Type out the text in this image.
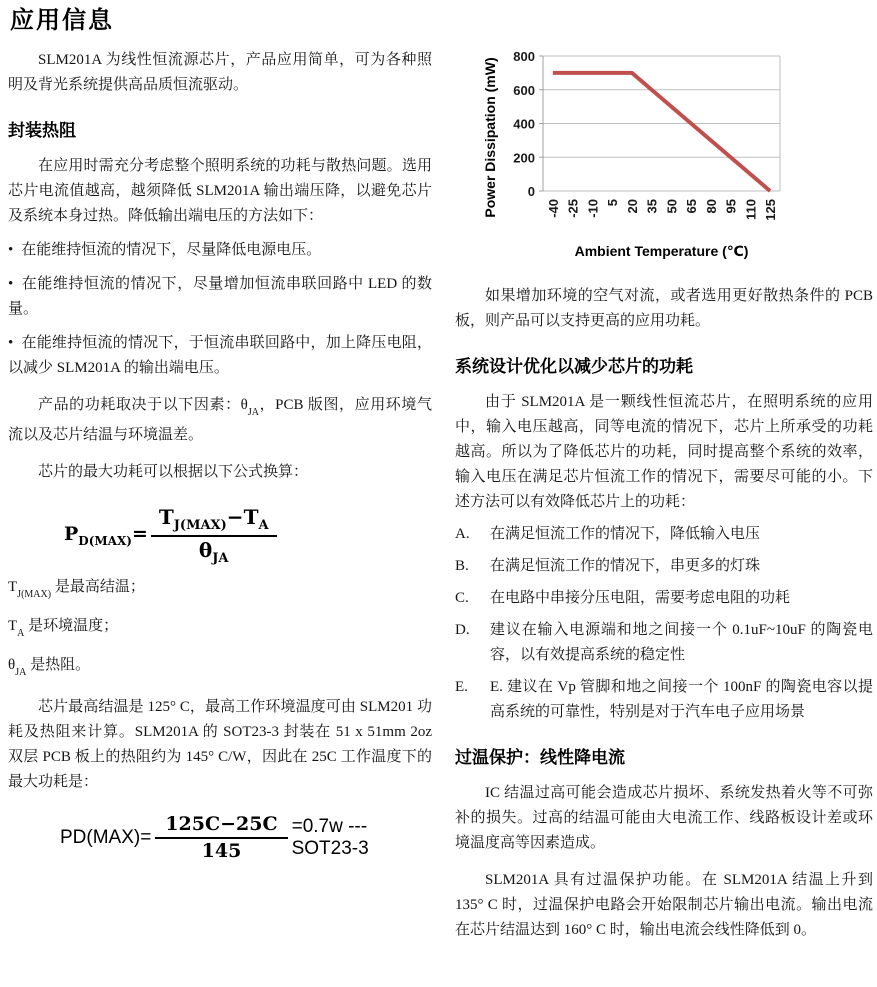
应用信息

SLM201A 为线性恒流源芯片，产品应用简单，可为各种照明及背光系统提供高品质恒流驱动。

封装热阻

在应用时需充分考虑整个照明系统的功耗与散热问题。选用芯片电流值越高，越须降低 SLM201A 输出端压降，以避免芯片及系统本身过热。降低输出端电压的方法如下：

• 在能维持恒流的情况下，尽量降低电源电压。

• 在能维持恒流的情况下，尽量增加恒流串联回路中 LED 的数量。

• 在能维持恒流的情况下，于恒流串联回路中，加上降压电阻，以减少 SLM201A 的输出端电压。

产品的功耗取决于以下因素：$\theta_{JA}$，PCB 版图，应用环境气流以及芯片结温与环境温差。

芯片的最大功耗可以根据以下公式换算：

$P_{D(MAX)}= \frac{T_{J(MAX)}-T_A}{\theta_{JA}}$

$T_{J(MAX)}$ 是最高结温；

$T_A$ 是环境温度；

$\theta_{JA}$ 是热阻。

芯片最高结温是 125° C，最高工作环境温度可由 SLM201 功耗及热阻来计算。SLM201A 的 SOT23-3 封装在 51 x 51mm 2oz 双层 PCB 板上的热阻约为 145° C/W，因此在 25C 工作温度下的最大功耗是：

$PD(MAX)= \frac{125C-25C}{145} =0.7w$ --- SOT23-3
0
200
400
600
800
-40 -25 -10 5 20 35 50 65 80 95 110 125
Ambient Temperature (℃)
Power Dissipation (mW)

如果增加环境的空气对流，或者选用更好散热条件的 PCB 板，则产品可以支持更高的应用功耗。

系统设计优化以减少芯片的功耗

由于 SLM201A 是一颗线性恒流芯片，在照明系统的应用中，输入电压越高，同等电流的情况下，芯片上所承受的功耗越高。所以为了降低芯片的功耗，同时提高整个系统的效率，输入电压在满足芯片恒流工作的情况下，需要尽可能的小。下述方法可以有效降低芯片上的功耗：

A.	在满足恒流工作的情况下，降低输入电压

B.	在满足恒流工作的情况下，串更多的灯珠

C.	在电路中串接分压电阻，需要考虑电阻的功耗

D.	建议在输入电源端和地之间接一个 0.1uF~10uF 的陶瓷电容，以有效提高系统的稳定性

E.	E. 建议在 Vp 管脚和地之间接一个 100nF 的陶瓷电容以提高系统的可靠性，特别是对于汽车电子应用场景

过温保护：线性降电流

IC 结温过高可能会造成芯片损坏、系统发热着火等不可弥补的损失。过高的结温可能由大电流工作、线路板设计差或环境温度高等因素造成。

SLM201A 具有过温保护功能。在 SLM201A 结温上升到 135° C 时，过温保护电路会开始限制芯片输出电流。输出电流在芯片结温达到 160° C 时，输出电流会线性降低到 0。
